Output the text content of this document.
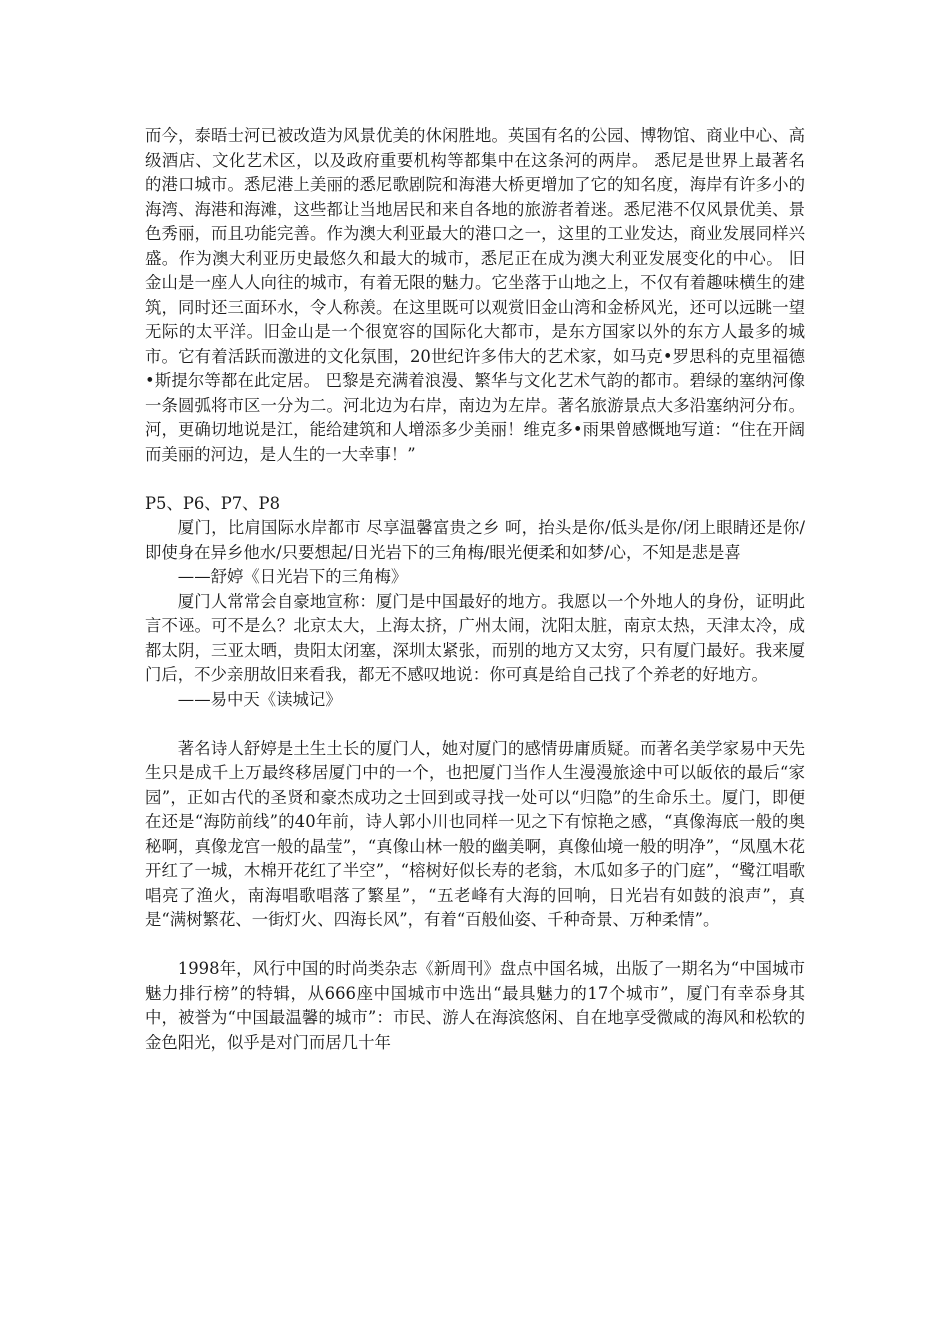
而今，泰晤士河已被改造为风景优美的休闲胜地。英国有名的公园、博物馆、商业中心、高级酒店、文化艺术区，以及政府重要机构等都集中在这条河的两岸。 悉尼是世界上最著名的港口城市。悉尼港上美丽的悉尼歌剧院和海港大桥更增加了它的知名度，海岸有许多小的海湾、海港和海滩，这些都让当地居民和来自各地的旅游者着迷。悉尼港不仅风景优美、景色秀丽，而且功能完善。作为澳大利亚最大的港口之一，这里的工业发达，商业发展同样兴盛。作为澳大利亚历史最悠久和最大的城市，悉尼正在成为澳大利亚发展变化的中心。 旧金山是一座人人向往的城市，有着无限的魅力。它坐落于山地之上，不仅有着趣味横生的建筑，同时还三面环水，令人称羡。在这里既可以观赏旧金山湾和金桥风光，还可以远眺一望无际的太平洋。旧金山是一个很宽容的国际化大都市，是东方国家以外的东方人最多的城市。它有着活跃而激进的文化氛围，20世纪许多伟大的艺术家，如马克•罗思科的克里福德•斯提尔等都在此定居。 巴黎是充满着浪漫、繁华与文化艺术气韵的都市。碧绿的塞纳河像一条圆弧将市区一分为二。河北边为右岸，南边为左岸。著名旅游景点大多沿塞纳河分布。河，更确切地说是江，能给建筑和人增添多少美丽！维克多•雨果曾感慨地写道：“住在开阔而美丽的河边，是人生的一大幸事！”

P5、P6、P7、P8

厦门，比肩国际水岸都市 尽享温馨富贵之乡 呵，抬头是你/低头是你/闭上眼睛还是你/即使身在异乡他水/只要想起/日光岩下的三角梅/眼光便柔和如梦/心，不知是悲是喜

——舒婷《日光岩下的三角梅》

厦门人常常会自豪地宣称：厦门是中国最好的地方。我愿以一个外地人的身份，证明此言不诬。可不是么？北京太大，上海太挤，广州太闹，沈阳太脏，南京太热，天津太冷，成都太阴，三亚太晒，贵阳太闭塞，深圳太紧张，而别的地方又太穷，只有厦门最好。我来厦门后，不少亲朋故旧来看我，都无不感叹地说：你可真是给自己找了个养老的好地方。

——易中天《读城记》

著名诗人舒婷是土生土长的厦门人，她对厦门的感情毋庸质疑。而著名美学家易中天先生只是成千上万最终移居厦门中的一个，也把厦门当作人生漫漫旅途中可以皈依的最后“家园”，正如古代的圣贤和豪杰成功之士回到或寻找一处可以“归隐”的生命乐土。厦门，即便在还是“海防前线”的40年前，诗人郭小川也同样一见之下有惊艳之感，“真像海底一般的奥秘啊，真像龙宫一般的晶莹”，“真像山林一般的幽美啊，真像仙境一般的明净”，“凤凰木花开红了一城，木棉开花红了半空”，“榕树好似长寿的老翁，木瓜如多子的门庭”，“鹭江唱歌唱亮了渔火，南海唱歌唱落了繁星”，“五老峰有大海的回响，日光岩有如鼓的浪声”，真是“满树繁花、一街灯火、四海长风”，有着“百般仙姿、千种奇景、万种柔情”。

1998年，风行中国的时尚类杂志《新周刊》盘点中国名城，出版了一期名为“中国城市魅力排行榜”的特辑，从666座中国城市中选出“最具魅力的17个城市”，厦门有幸忝身其中，被誉为“中国最温馨的城市”：市民、游人在海滨悠闲、自在地享受微咸的海风和松软的金色阳光，似乎是对门而居几十年
